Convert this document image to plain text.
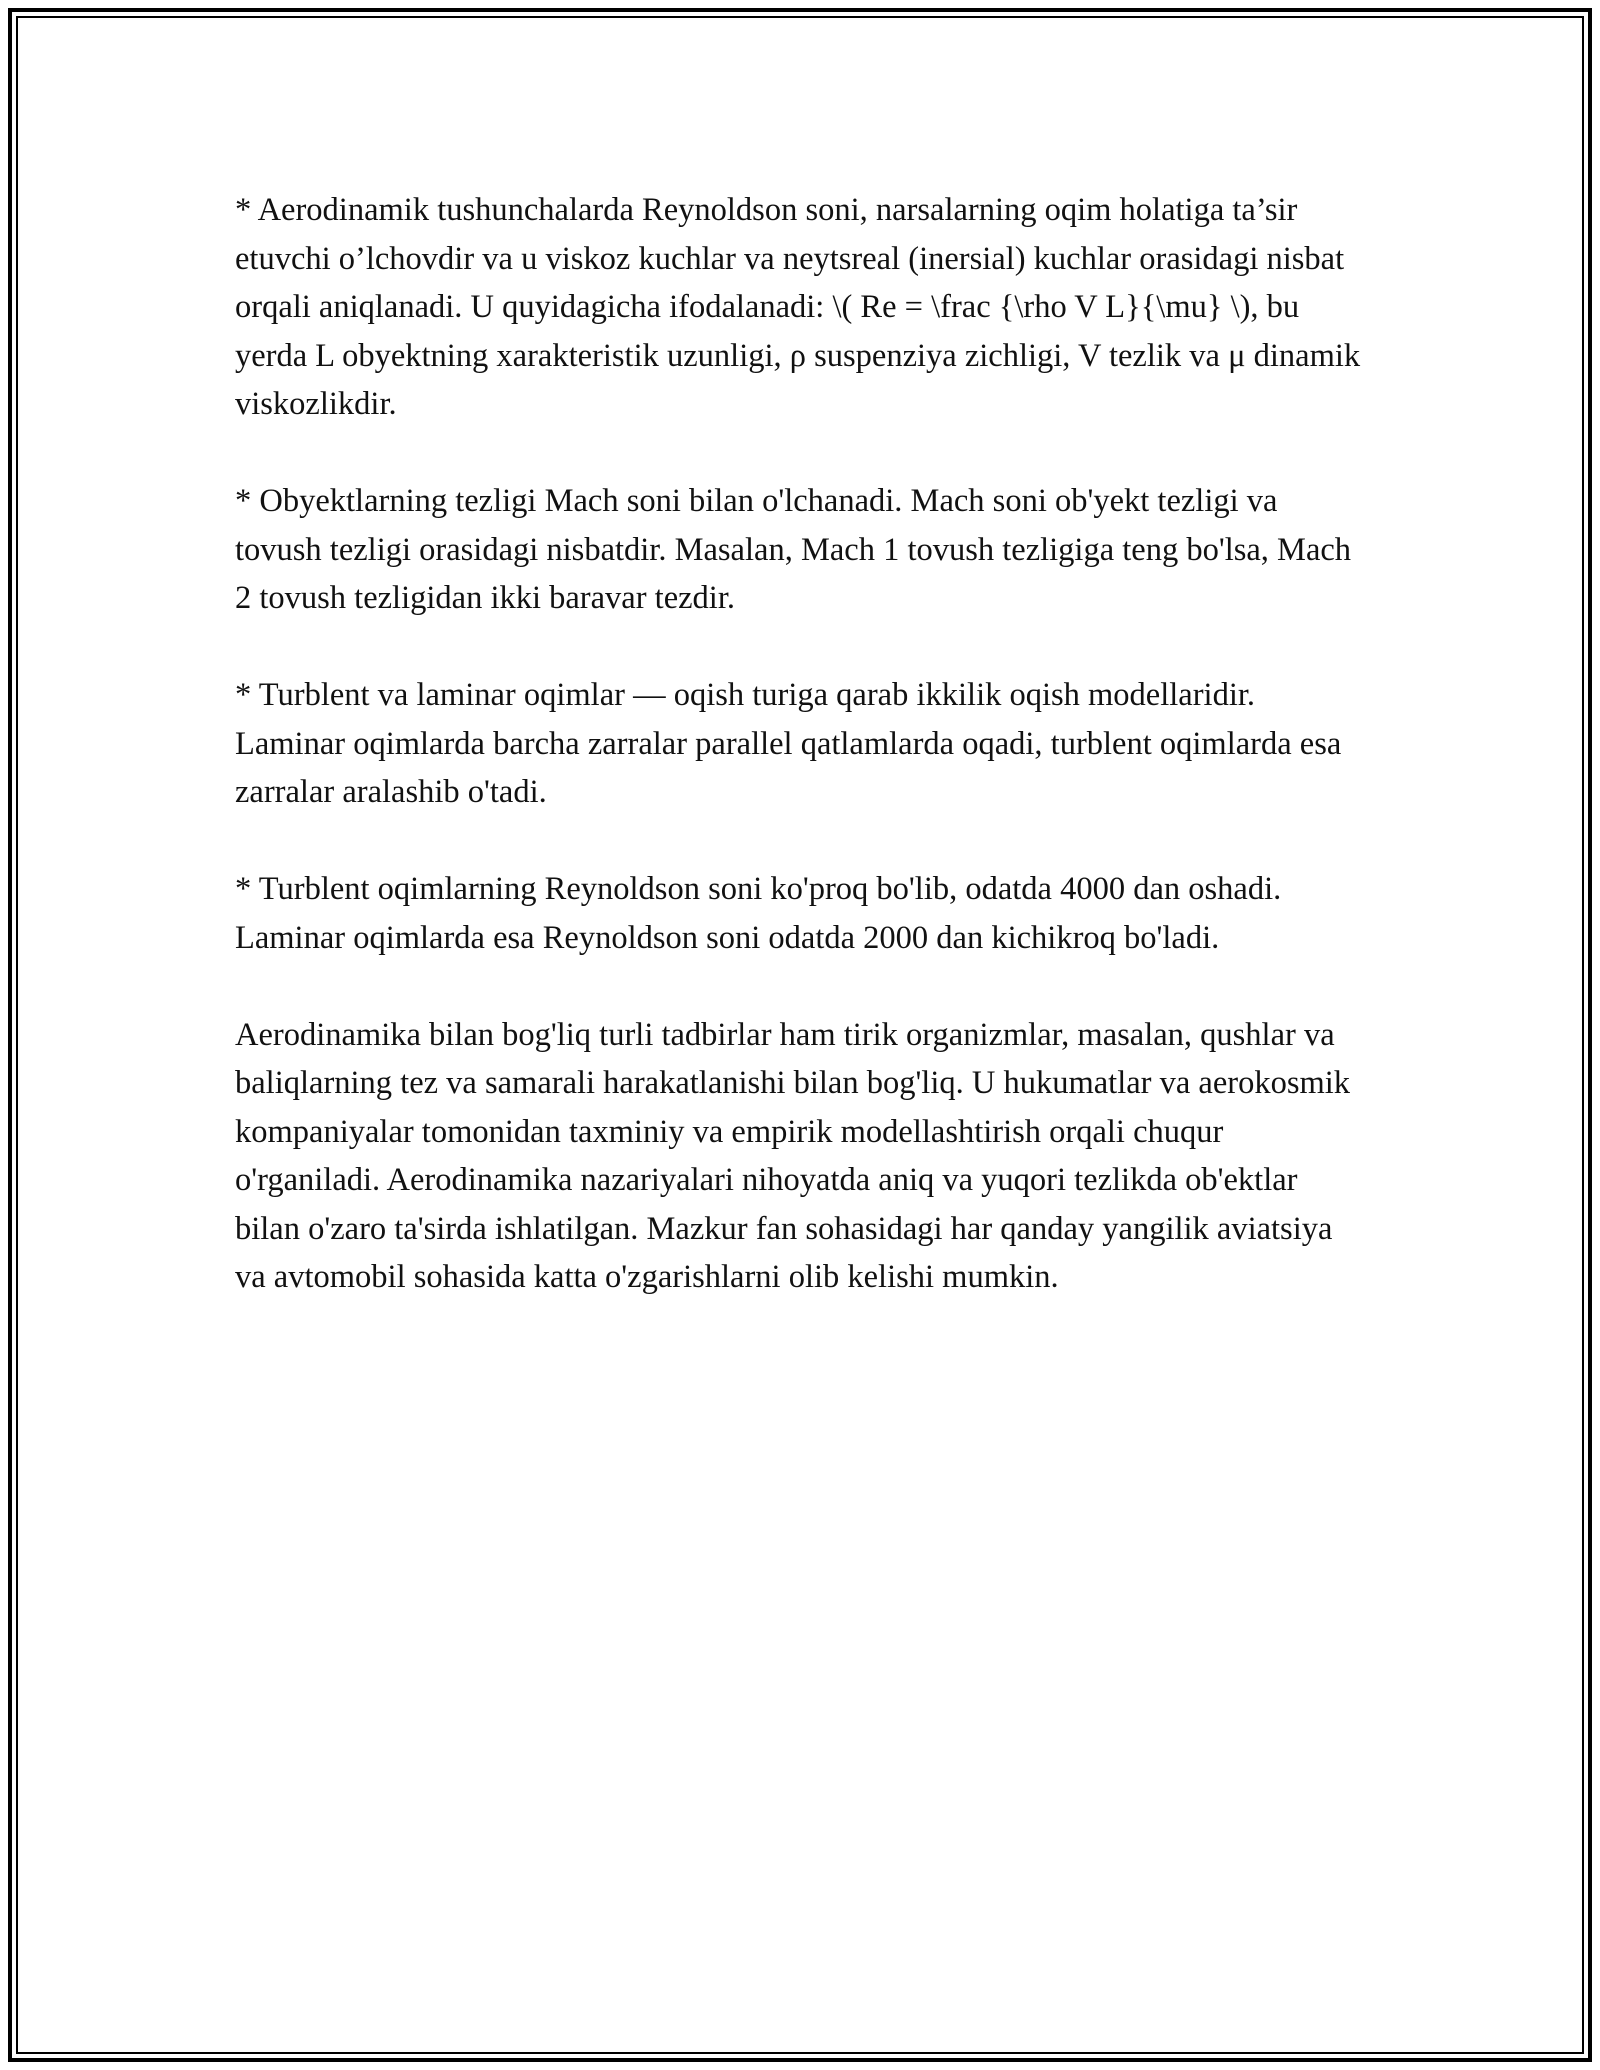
* Aerodinamik tushunchalarda Reynoldson soni, narsalarning oqim holatiga ta’sir etuvchi o’lchovdir va u viskoz kuchlar va neytsreal (inersial) kuchlar orasidagi nisbat orqali aniqlanadi. U quyidagicha ifodalanadi: \( Re = \frac {\rho V L}{\mu} \), bu yerda L obyektning xarakteristik uzunligi, ρ suspenziya zichligi, V tezlik va μ dinamik viskozlikdir.

* Obyektlarning tezligi Mach soni bilan o'lchanadi. Mach soni ob'yekt tezligi va tovush tezligi orasidagi nisbatdir. Masalan, Mach 1 tovush tezligiga teng bo'lsa, Mach 2 tovush tezligidan ikki baravar tezdir.

* Turblent va laminar oqimlar — oqish turiga qarab ikkilik oqish modellaridir. Laminar oqimlarda barcha zarralar parallel qatlamlarda oqadi, turblent oqimlarda esa zarralar aralashib o'tadi.

* Turblent oqimlarning Reynoldson soni ko'proq bo'lib, odatda 4000 dan oshadi. Laminar oqimlarda esa Reynoldson soni odatda 2000 dan kichikroq bo'ladi.

Aerodinamika bilan bog'liq turli tadbirlar ham tirik organizmlar, masalan, qushlar va baliqlarning tez va samarali harakatlanishi bilan bog'liq. U hukumatlar va aerokosmik kompaniyalar tomonidan taxminiy va empirik modellashtirish orqali chuqur o'rganiladi. Aerodinamika nazariyalari nihoyatda aniq va yuqori tezlikda ob'ektlar bilan o'zaro ta'sirda ishlatilgan. Mazkur fan sohasidagi har qanday yangilik aviatsiya va avtomobil sohasida katta o'zgarishlarni olib kelishi mumkin.
